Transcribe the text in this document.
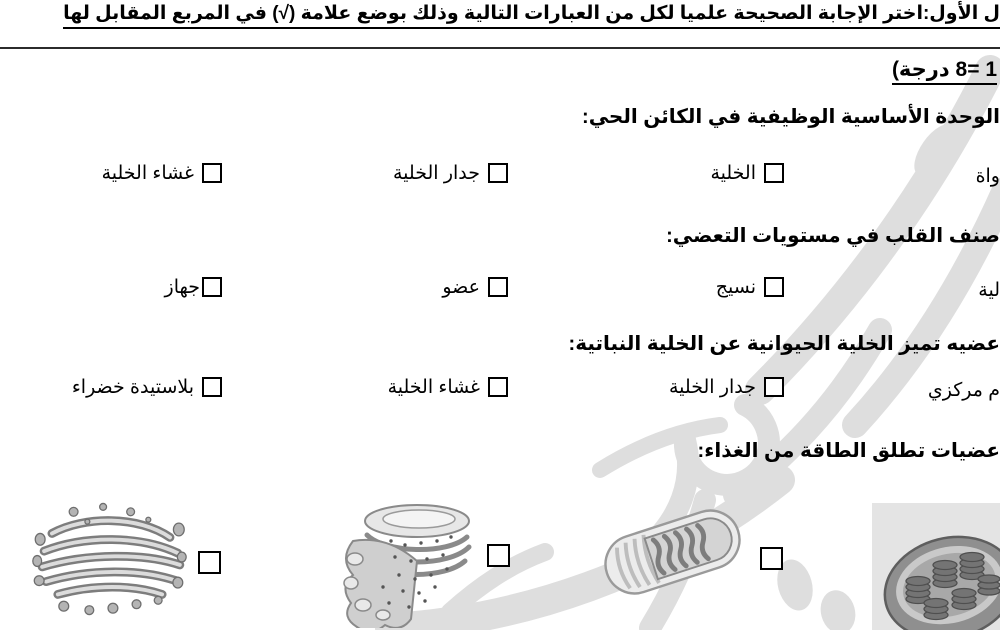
ل الأول:اختر الإجابة الصحيحة علميا لكل من العبارات التالية وذلك بوضع علامة (√) في المربع المقابل لها
1 =8 درجة)
الوحدة الأساسية الوظيفية في الكائن الحي:
واة
الخلية
جدار الخلية
غشاء الخلية
صنف القلب في مستويات التعضي:
لية
نسيج
عضو
جهاز
عضيه تميز الخلية الحيوانية عن الخلية النباتية:
م مركزي
جدار الخلية
غشاء الخلية
بلاستيدة خضراء
عضيات تطلق الطاقة من الغذاء:
